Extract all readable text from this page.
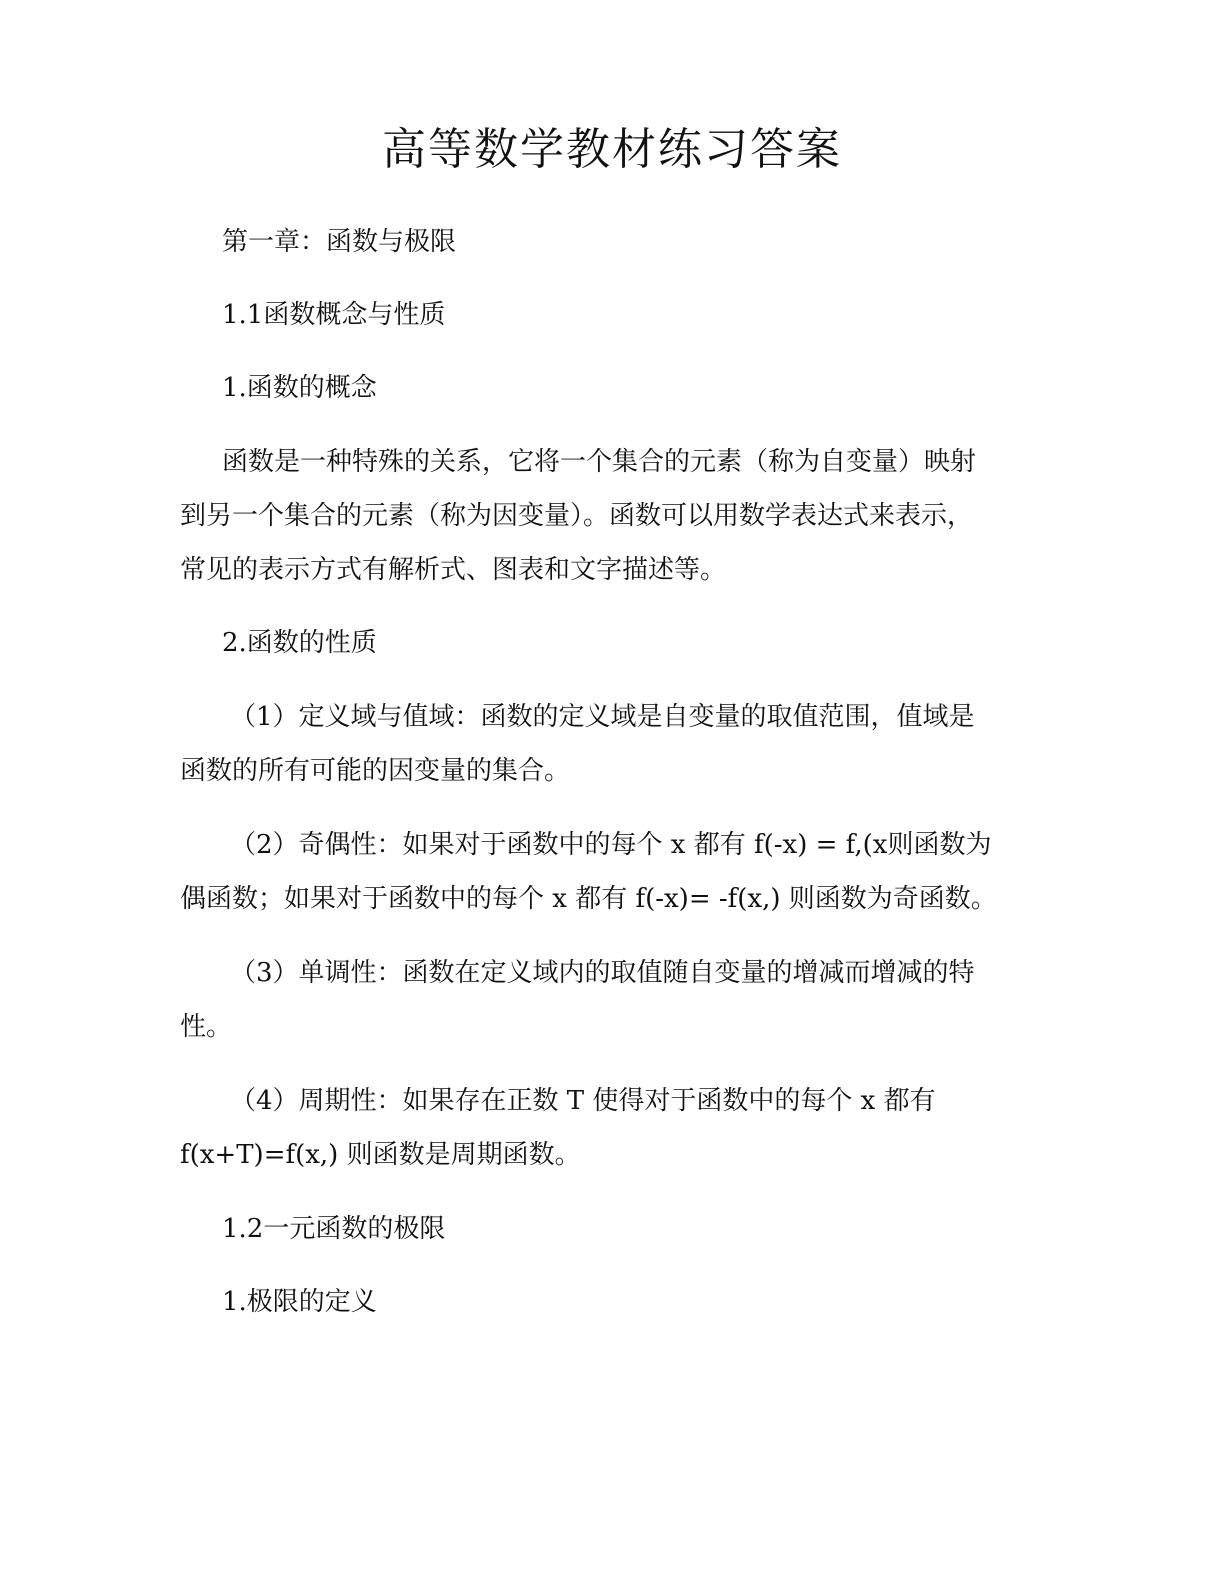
高等数学教材练习答案
第一章：函数与极限
1.1函数概念与性质
1.函数的概念
函数是一种特殊的关系，它将一个集合的元素（称为自变量）映射
到另一个集合的元素（称为因变量）。函数可以用数学表达式来表示，
常见的表示方式有解析式、图表和文字描述等。
2.函数的性质
（1）定义域与值域：函数的定义域是自变量的取值范围，值域是
函数的所有可能的因变量的集合。
（2）奇偶性：如果对于函数中的每个 x 都有 f(-x) = f,(x则函数为
偶函数；如果对于函数中的每个 x 都有 f(-x)= -f(x,) 则函数为奇函数。
（3）单调性：函数在定义域内的取值随自变量的增减而增减的特
性。
（4）周期性：如果存在正数 T 使得对于函数中的每个 x 都有
f(x+T)=f(x,) 则函数是周期函数。
1.2一元函数的极限
1.极限的定义
